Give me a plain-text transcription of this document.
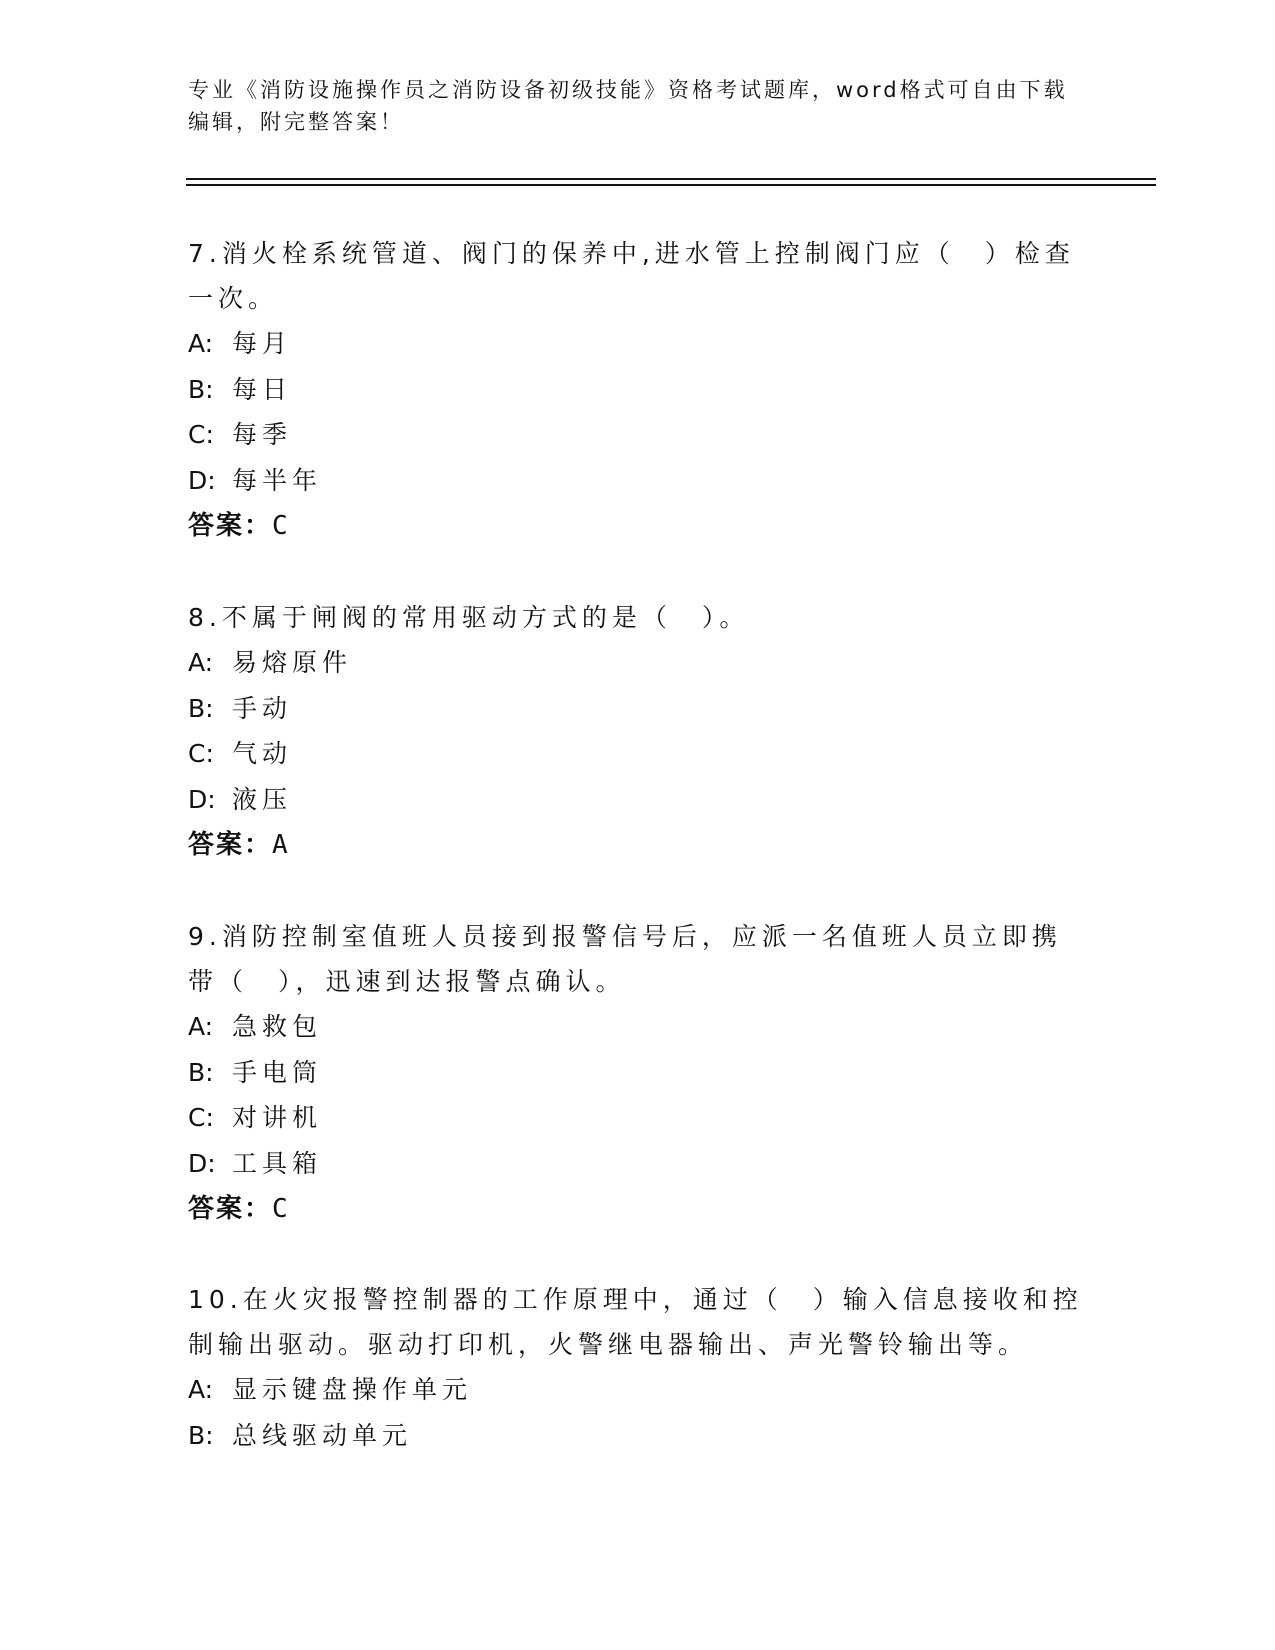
专业《消防设施操作员之消防设备初级技能》资格考试题库，word格式可自由下载编辑，附完整答案！

7.消火栓系统管道、阀门的保养中,进水管上控制阀门应（　）检查一次。

A: 每月

B: 每日

C: 每季

D: 每半年

答案：C

8.不属于闸阀的常用驱动方式的是（　）。

A: 易熔原件

B: 手动

C: 气动

D: 液压

答案：A

9.消防控制室值班人员接到报警信号后，应派一名值班人员立即携带（　），迅速到达报警点确认。

A: 急救包

B: 手电筒

C: 对讲机

D: 工具箱

答案：C

10.在火灾报警控制器的工作原理中，通过（　）输入信息接收和控制输出驱动。驱动打印机，火警继电器输出、声光警铃输出等。

A: 显示键盘操作单元

B: 总线驱动单元
